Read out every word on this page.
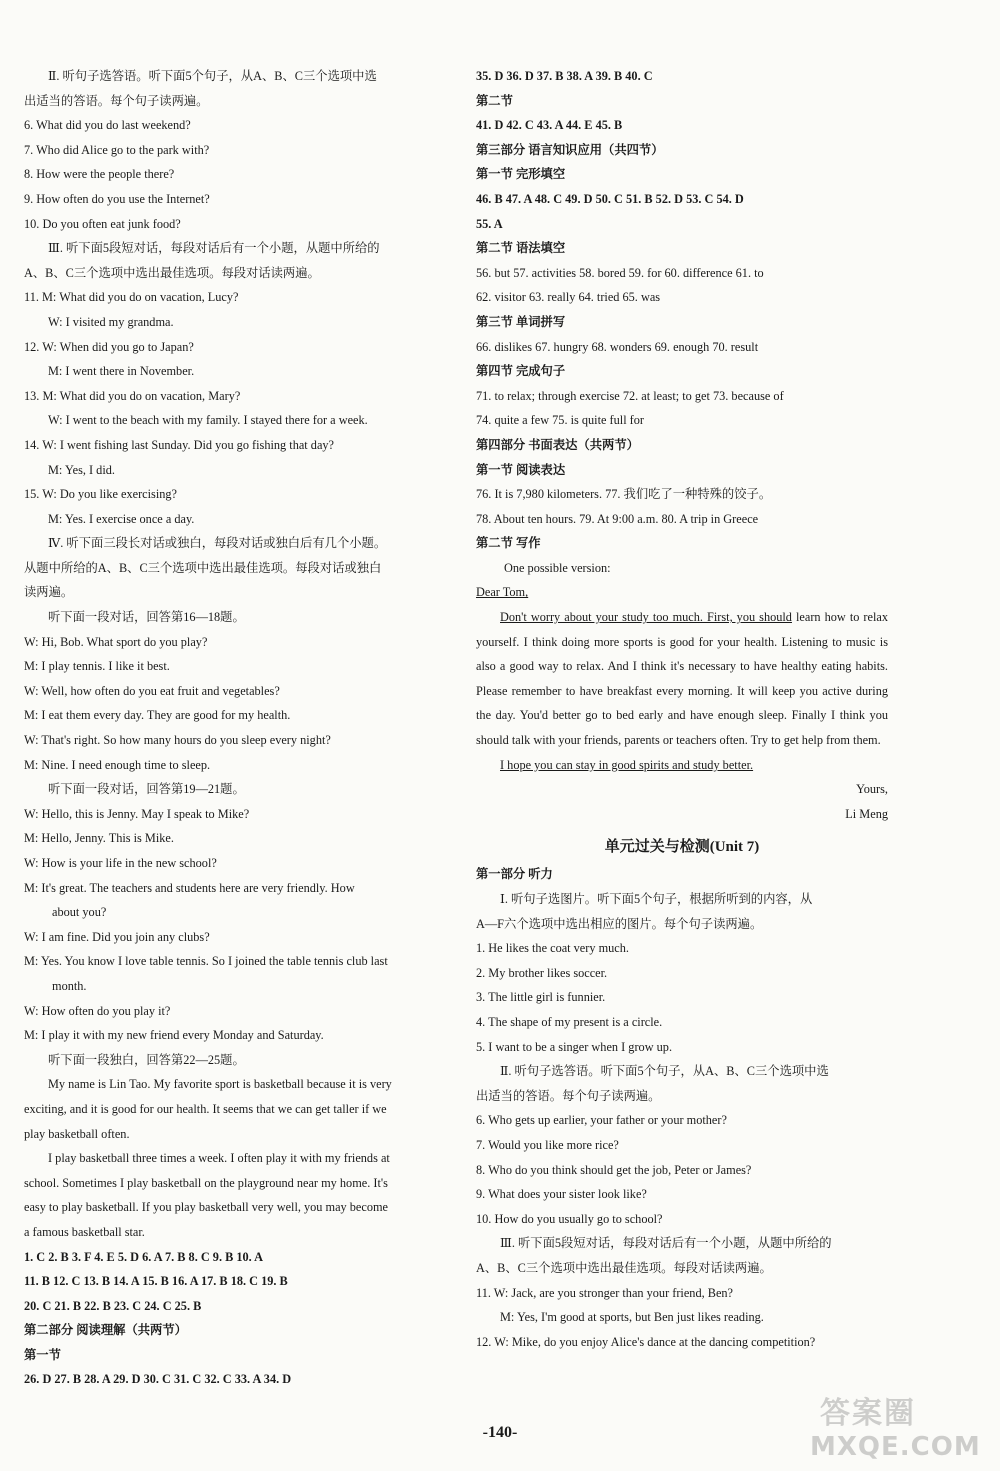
Ⅱ. 听句子选答语。听下面5个句子，从A、B、C三个选项中选
出适当的答语。每个句子读两遍。
6. What did you do last weekend?
7. Who did Alice go to the park with?
8. How were the people there?
9. How often do you use the Internet?
10. Do you often eat junk food?
Ⅲ. 听下面5段短对话，每段对话后有一个小题，从题中所给的
A、B、C三个选项中选出最佳选项。每段对话读两遍。
11. M: What did you do on vacation, Lucy?
W: I visited my grandma.
12. W: When did you go to Japan?
M: I went there in November.
13. M: What did you do on vacation, Mary?
W: I went to the beach with my family. I stayed there for a week.
14. W: I went fishing last Sunday. Did you go fishing that day?
M: Yes, I did.
15. W: Do you like exercising?
M: Yes. I exercise once a day.
Ⅳ. 听下面三段长对话或独白，每段对话或独白后有几个小题。
从题中所给的A、B、C三个选项中选出最佳选项。每段对话或独白
读两遍。
听下面一段对话，回答第16—18题。
W: Hi, Bob. What sport do you play?
M: I play tennis. I like it best.
W: Well, how often do you eat fruit and vegetables?
M: I eat them every day. They are good for my health.
W: That's right. So how many hours do you sleep every night?
M: Nine. I need enough time to sleep.
听下面一段对话，回答第19—21题。
W: Hello, this is Jenny. May I speak to Mike?
M: Hello, Jenny. This is Mike.
W: How is your life in the new school?
M: It's great. The teachers and students here are very friendly. How
about you?
W: I am fine. Did you join any clubs?
M: Yes. You know I love table tennis. So I joined the table tennis club last
month.
W: How often do you play it?
M: I play it with my new friend every Monday and Saturday.
听下面一段独白，回答第22—25题。
My name is Lin Tao. My favorite sport is basketball because it is very
exciting, and it is good for our health. It seems that we can get taller if we
play basketball often.
I play basketball three times a week. I often play it with my friends at
school. Sometimes I play basketball on the playground near my home. It's
easy to play basketball. If you play basketball very well, you may become
a famous basketball star.
1. C 2. B 3. F 4. E 5. D 6. A 7. B 8. C 9. B 10. A
11. B 12. C 13. B 14. A 15. B 16. A 17. B 18. C 19. B
20. C 21. B 22. B 23. C 24. C 25. B
第二部分 阅读理解（共两节）
第一节
26. D 27. B 28. A 29. D 30. C 31. C 32. C 33. A 34. D
35. D 36. D 37. B 38. A 39. B 40. C
第二节
41. D 42. C 43. A 44. E 45. B
第三部分 语言知识应用（共四节）
第一节 完形填空
46. B 47. A 48. C 49. D 50. C 51. B 52. D 53. C 54. D
55. A
第二节 语法填空
56. but 57. activities 58. bored 59. for 60. difference 61. to
62. visitor 63. really 64. tried 65. was
第三节 单词拼写
66. dislikes 67. hungry 68. wonders 69. enough 70. result
第四节 完成句子
71. to relax; through exercise 72. at least; to get 73. because of
74. quite a few 75. is quite full for
第四部分 书面表达（共两节）
第一节 阅读表达
76. It is 7,980 kilometers. 77. 我们吃了一种特殊的饺子。
78. About ten hours. 79. At 9:00 a.m. 80. A trip in Greece
第二节 写作
One possible version:
Dear Tom,
Don't worry about your study too much. First, you should learn how to relax yourself. I think doing more sports is good for your health. Listening to music is also a good way to relax. And I think it's necessary to have healthy eating habits. Please remember to have breakfast every morning. It will keep you active during the day. You'd better go to bed early and have enough sleep. Finally I think you should talk with your friends, parents or teachers often. Try to get help from them.
I hope you can stay in good spirits and study better.
Yours,
Li Meng
单元过关与检测(Unit 7)
第一部分 听力
Ⅰ. 听句子选图片。听下面5个句子，根据所听到的内容，从
A—F六个选项中选出相应的图片。每个句子读两遍。
1. He likes the coat very much.
2. My brother likes soccer.
3. The little girl is funnier.
4. The shape of my present is a circle.
5. I want to be a singer when I grow up.
Ⅱ. 听句子选答语。听下面5个句子，从A、B、C三个选项中选
出适当的答语。每个句子读两遍。
6. Who gets up earlier, your father or your mother?
7. Would you like more rice?
8. Who do you think should get the job, Peter or James?
9. What does your sister look like?
10. How do you usually go to school?
Ⅲ. 听下面5段短对话，每段对话后有一个小题，从题中所给的
A、B、C三个选项中选出最佳选项。每段对话读两遍。
11. W: Jack, are you stronger than your friend, Ben?
M: Yes, I'm good at sports, but Ben just likes reading.
12. W: Mike, do you enjoy Alice's dance at the dancing competition?
-140-
答案圈
MXQE.COM
